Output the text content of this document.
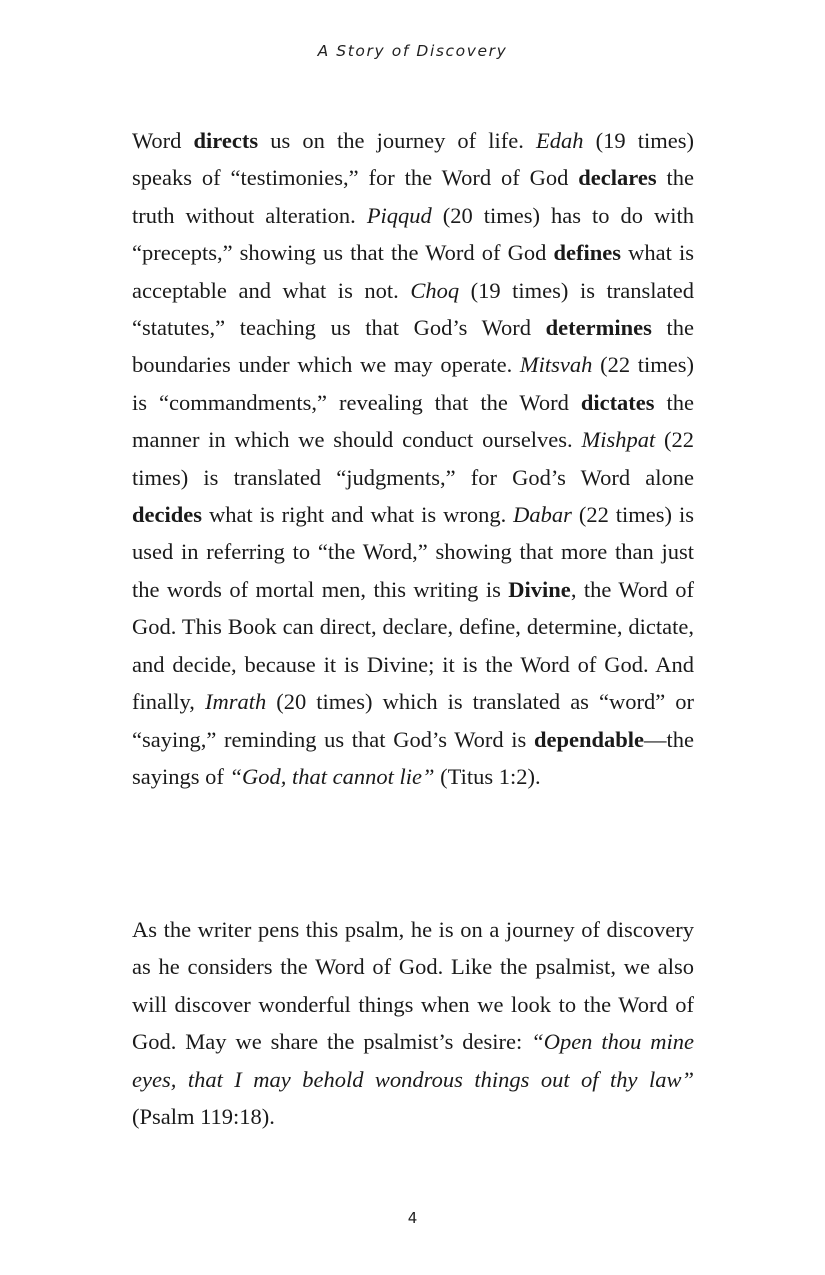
A Story of Discovery

Word directs us on the journey of life. Edah (19 times) speaks of “testimonies,” for the Word of God declares the truth without alteration. Piqqud (20 times) has to do with “precepts,” showing us that the Word of God defines what is acceptable and what is not. Choq (19 times) is translated “statutes,” teaching us that God’s Word determines the boundaries under which we may operate. Mitsvah (22 times) is “commandments,” revealing that the Word dictates the manner in which we should conduct ourselves. Mishpat (22 times) is translated “judgments,” for God’s Word alone decides what is right and what is wrong. Dabar (22 times) is used in referring to “the Word,” showing that more than just the words of mortal men, this writing is Divine, the Word of God. This Book can direct, declare, define, determine, dictate, and decide, because it is Divine; it is the Word of God. And finally, Imrath (20 times) which is translated as “word” or “saying,” reminding us that God’s Word is dependable—the sayings of “God, that cannot lie” (Titus 1:2).

As the writer pens this psalm, he is on a journey of discovery as he considers the Word of God. Like the psalmist, we also will discover wonderful things when we look to the Word of God. May we share the psalmist’s desire: “Open thou mine eyes, that I may behold wondrous things out of thy law” (Psalm 119:18).

4
